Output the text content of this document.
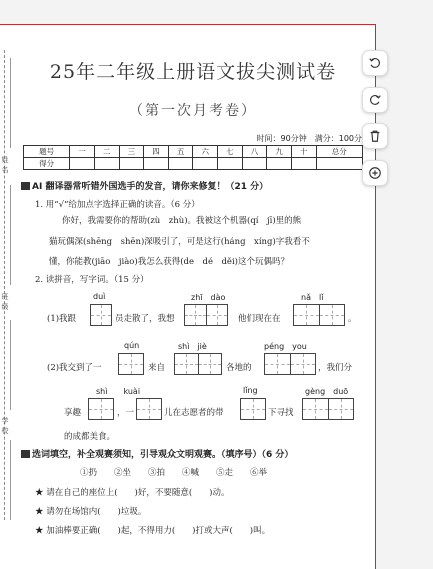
姓名
班级
学校
25年二年级上册语文拔尖测试卷
（第一次月考卷）
时间：90分钟　满分：100分
题号	一	二	三	四	五	六	七	八	九	十	总分
得分											
AI 翻译器常听错外国选手的发音，请你来修复！（21 分）
1. 用“√”给加点字选择正确的读音。（6 分）
你好，我需要你的帮助(zù　zhù)。我被这个机器(qí　jī)里的熊
猫玩偶深(shēng　shēn)深吸引了，可是这行(háng　xíng)字我看不
懂，你能教(jiāo　jiào)我怎么获得(de　dé　děi)这个玩偶吗？
2. 读拼音，写字词。（15 分）
duì	zhī　dào	nǎ　lǐ
(1)我跟	员走散了，我想	他们现在在	。
qún	shì　jiè	péng　you
(2)我交到了一	来自	各地的	，我们分
shì　　kuài	lǐng	gèng　duō
享趣	，一	儿在志愿者的带	下寻找
的成都美食。
选词填空，补全观赛须知，引导观众文明观赛。（填序号）（6 分）
①扔　　②坐　　③拍　　④喊　　⑤走　　⑥举
★ 请在自己的座位上(　　)好，不要随意(　　)动。
★ 请勿在场馆内(　　)垃圾。
★ 加油棒要正确(　　)起，不得用力(　　)打或大声(　　)叫。
